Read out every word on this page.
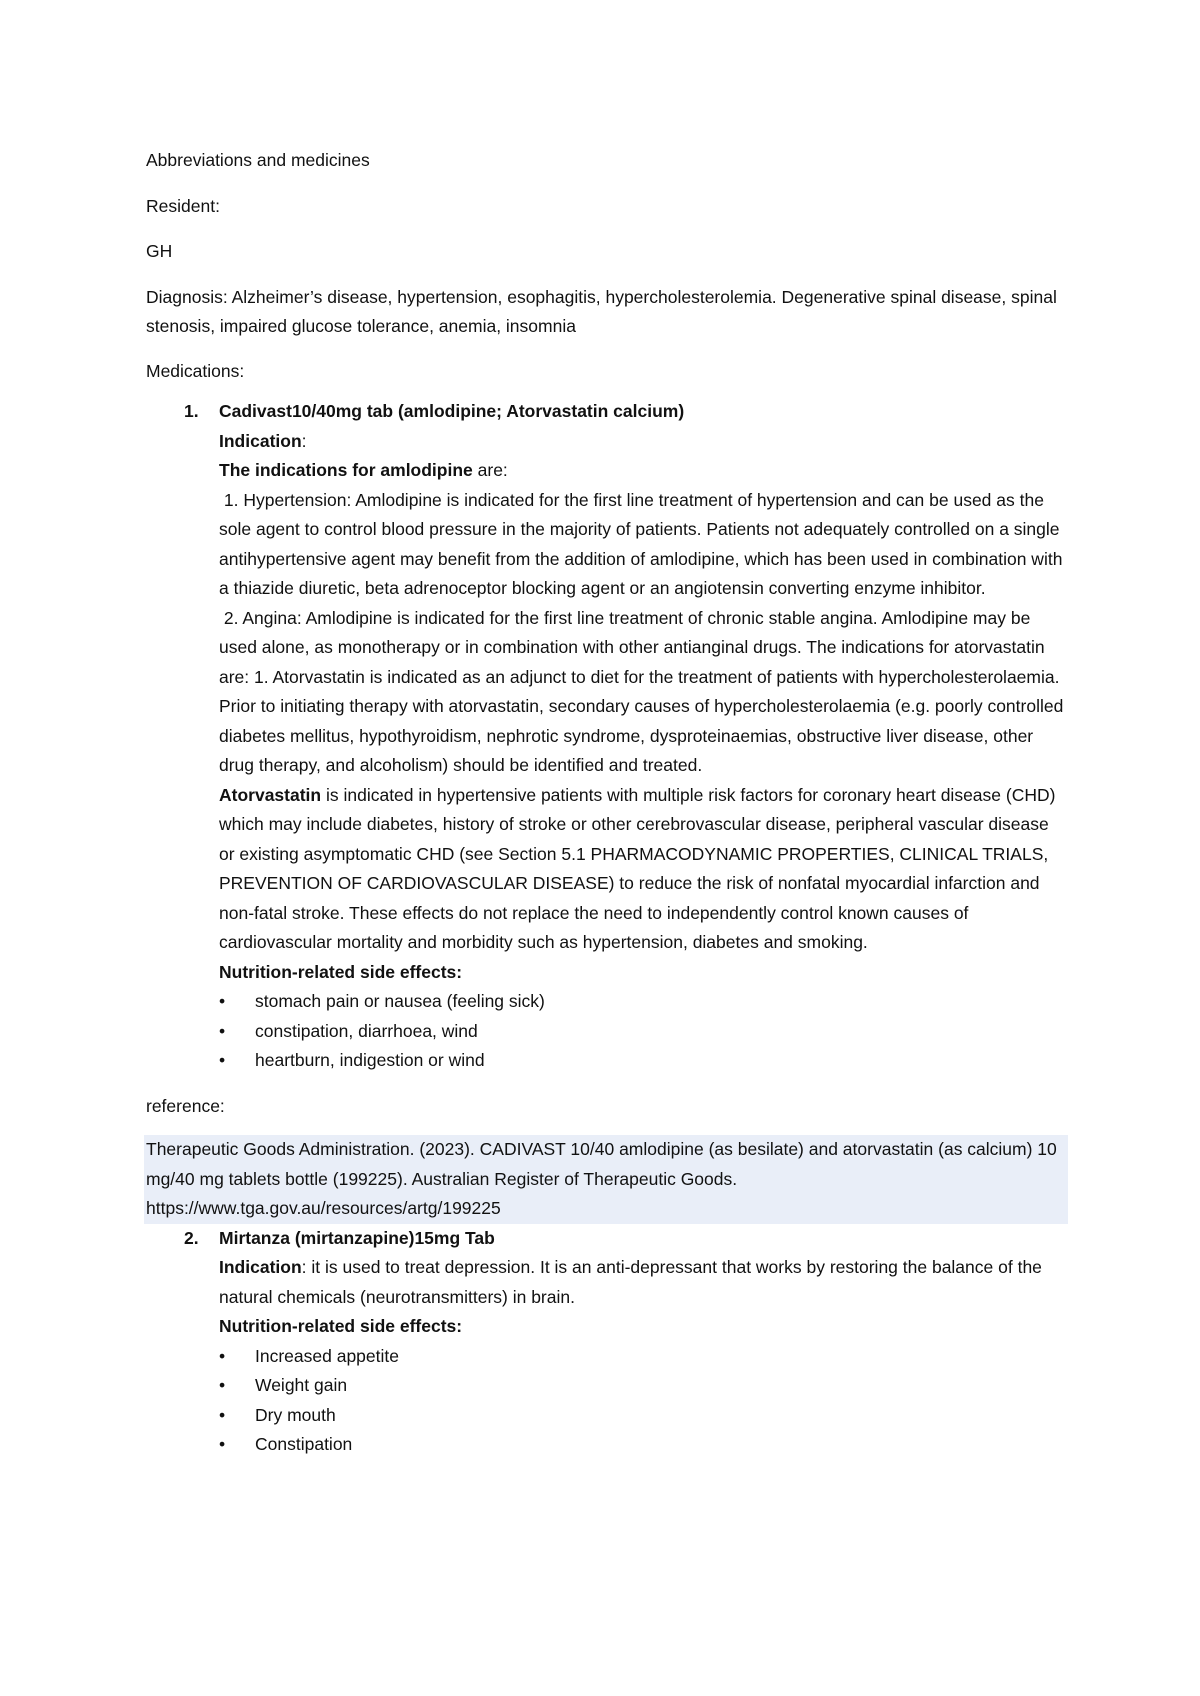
Abbreviations and medicines

Resident:

GH

Diagnosis: Alzheimer’s disease, hypertension, esophagitis, hypercholesterolemia. Degenerative spinal disease, spinal stenosis, impaired glucose tolerance, anemia, insomnia

Medications:

1. Cadivast10/40mg tab (amlodipine; Atorvastatin calcium)

Indication:

The indications for amlodipine are:

1. Hypertension: Amlodipine is indicated for the first line treatment of hypertension and can be used as the sole agent to control blood pressure in the majority of patients. Patients not adequately controlled on a single antihypertensive agent may benefit from the addition of amlodipine, which has been used in combination with a thiazide diuretic, beta adrenoceptor blocking agent or an angiotensin converting enzyme inhibitor.

2. Angina: Amlodipine is indicated for the first line treatment of chronic stable angina. Amlodipine may be used alone, as monotherapy or in combination with other antianginal drugs. The indications for atorvastatin are: 1. Atorvastatin is indicated as an adjunct to diet for the treatment of patients with hypercholesterolaemia. Prior to initiating therapy with atorvastatin, secondary causes of hypercholesterolaemia (e.g. poorly controlled diabetes mellitus, hypothyroidism, nephrotic syndrome, dysproteinaemias, obstructive liver disease, other drug therapy, and alcoholism) should be identified and treated.

Atorvastatin is indicated in hypertensive patients with multiple risk factors for coronary heart disease (CHD) which may include diabetes, history of stroke or other cerebrovascular disease, peripheral vascular disease or existing asymptomatic CHD (see Section 5.1 PHARMACODYNAMIC PROPERTIES, CLINICAL TRIALS, PREVENTION OF CARDIOVASCULAR DISEASE) to reduce the risk of nonfatal myocardial infarction and non-fatal stroke. These effects do not replace the need to independently control known causes of cardiovascular mortality and morbidity such as hypertension, diabetes and smoking.

Nutrition-related side effects:

• stomach pain or nausea (feeling sick)
• constipation, diarrhoea, wind
• heartburn, indigestion or wind

reference:

Therapeutic Goods Administration. (2023). CADIVAST 10/40 amlodipine (as besilate) and atorvastatin (as calcium) 10 mg/40 mg tablets bottle (199225). Australian Register of Therapeutic Goods. https://www.tga.gov.au/resources/artg/199225
2. Mirtanza (mirtanzapine)15mg Tab

Indication: it is used to treat depression. It is an anti-depressant that works by restoring the balance of the natural chemicals (neurotransmitters) in brain.

Nutrition-related side effects:

• Increased appetite
• Weight gain
• Dry mouth
• Constipation
